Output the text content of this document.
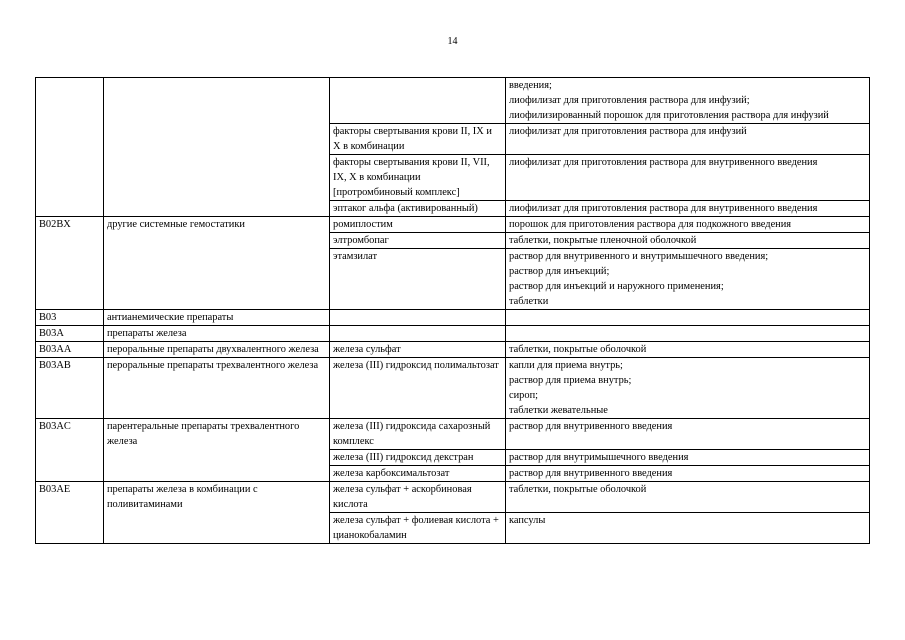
14
			введения;
лиофилизат для приготовления раствора для инфузий;
лиофилизированный порошок для приготовления раствора для инфузий
		факторы свертывания крови II, IX и X в комбинации	лиофилизат для приготовления раствора для инфузий
		факторы свертывания крови II, VII, IX, X в комбинации [протромбиновый комплекс]	лиофилизат для приготовления раствора для внутривенного введения
		эптаког альфа (активированный)	лиофилизат для приготовления раствора для внутривенного введения
B02BX	другие системные гемостатики	ромиплостим	порошок для приготовления раствора для подкожного введения
		элтромбопаг	таблетки, покрытые пленочной оболочкой
		этамзилат	раствор для внутривенного и внутримышечного введения;
раствор для инъекций;
раствор для инъекций и наружного применения;
таблетки
B03	антианемические препараты		
B03A	препараты железа		
B03AA	пероральные препараты двухвалентного железа	железа сульфат	таблетки, покрытые оболочкой
B03AB	пероральные препараты трехвалентного железа	железа (III) гидроксид полимальтозат	капли для приема внутрь;
раствор для приема внутрь;
сироп;
таблетки жевательные
B03AC	парентеральные препараты трехвалентного железа	железа (III) гидроксида сахарозный комплекс	раствор для внутривенного введения
		железа (III) гидроксид декстран	раствор для внутримышечного введения
		железа карбоксимальтозат	раствор для внутривенного введения
B03AE	препараты железа в комбинации с поливитаминами	железа сульфат + аскорбиновая кислота	таблетки, покрытые оболочкой
		железа сульфат + фолиевая кислота + цианокобаламин	капсулы
